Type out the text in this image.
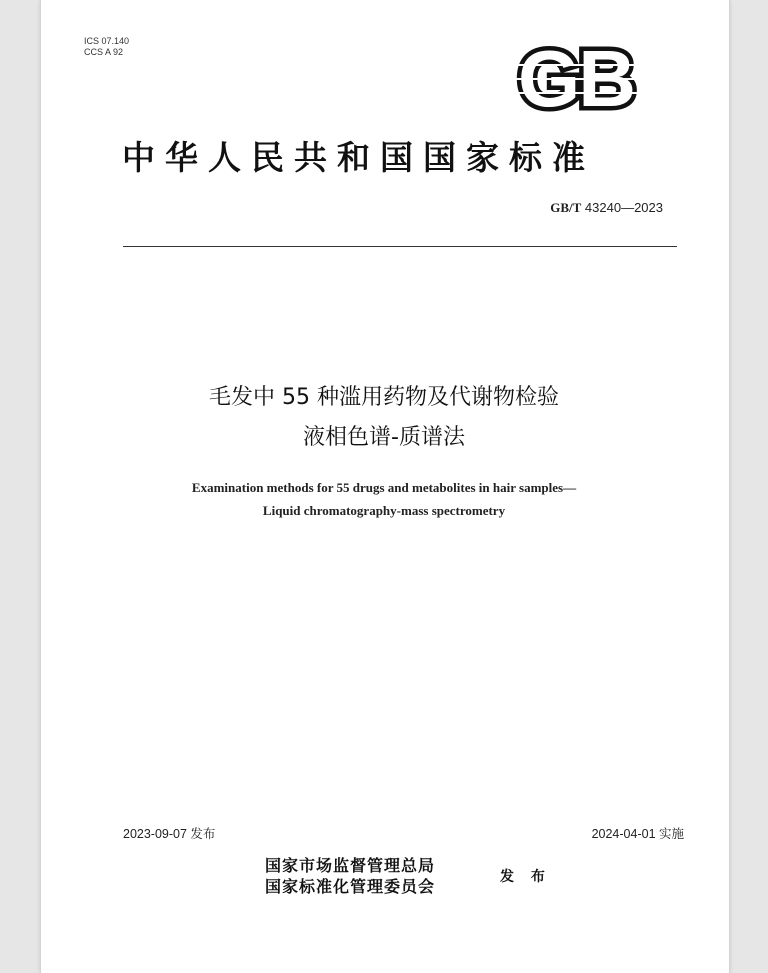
ICS 07.140
CCS A 92	GB
中华人民共和国国家标准
GB/T 43240—2023
毛发中 55 种滥用药物及代谢物检验
液相色谱-质谱法
Examination methods for 55 drugs and metabolites in hair samples—
Liquid chromatography-mass spectrometry
2023-09-07 发布	2024-04-01 实施
国家市场监督管理总局
国家标准化管理委员会	发 布
